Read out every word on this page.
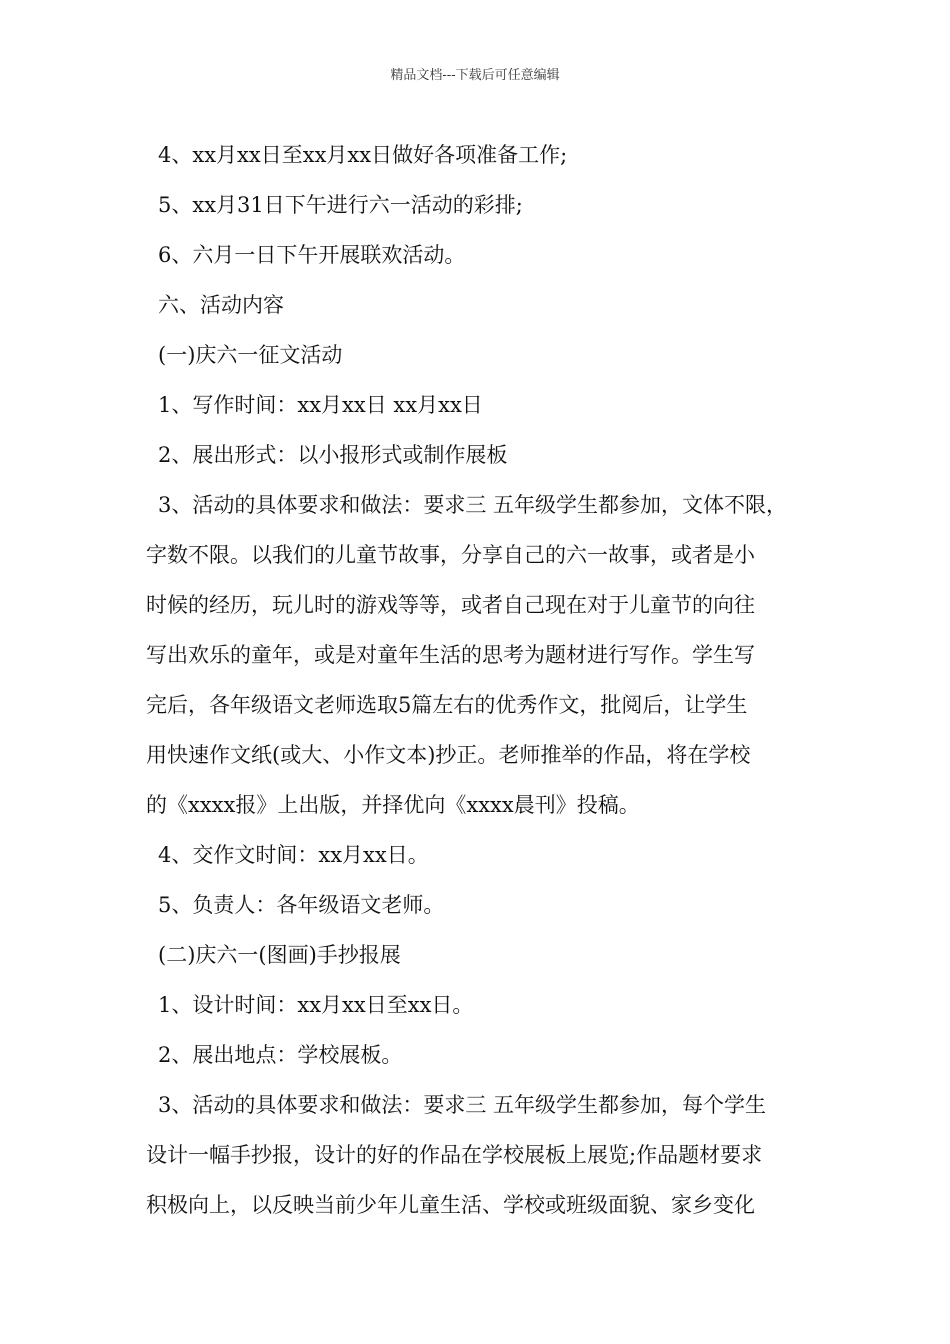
精品文档---下载后可任意编辑
4、xx月xx日至xx月xx日做好各项准备工作;
5、xx月31日下午进行六一活动的彩排;
6、六月一日下午开展联欢活动。
六、活动内容
(一)庆六一征文活动
1、写作时间：xx月xx日 xx月xx日
2、展出形式：以小报形式或制作展板
3、活动的具体要求和做法：要求三 五年级学生都参加，文体不限，
字数不限。以我们的儿童节故事，分享自己的六一故事，或者是小
时候的经历，玩儿时的游戏等等，或者自己现在对于儿童节的向往
写出欢乐的童年，或是对童年生活的思考为题材进行写作。学生写
完后，各年级语文老师选取5篇左右的优秀作文，批阅后，让学生
用快速作文纸(或大、小作文本)抄正。老师推举的作品，将在学校
的《xxxx报》上出版，并择优向《xxxx晨刊》投稿。
4、交作文时间：xx月xx日。
5、负责人：各年级语文老师。
(二)庆六一(图画)手抄报展
1、设计时间：xx月xx日至xx日。
2、展出地点：学校展板。
3、活动的具体要求和做法：要求三 五年级学生都参加，每个学生
设计一幅手抄报，设计的好的作品在学校展板上展览;作品题材要求
积极向上，以反映当前少年儿童生活、学校或班级面貌、家乡变化
